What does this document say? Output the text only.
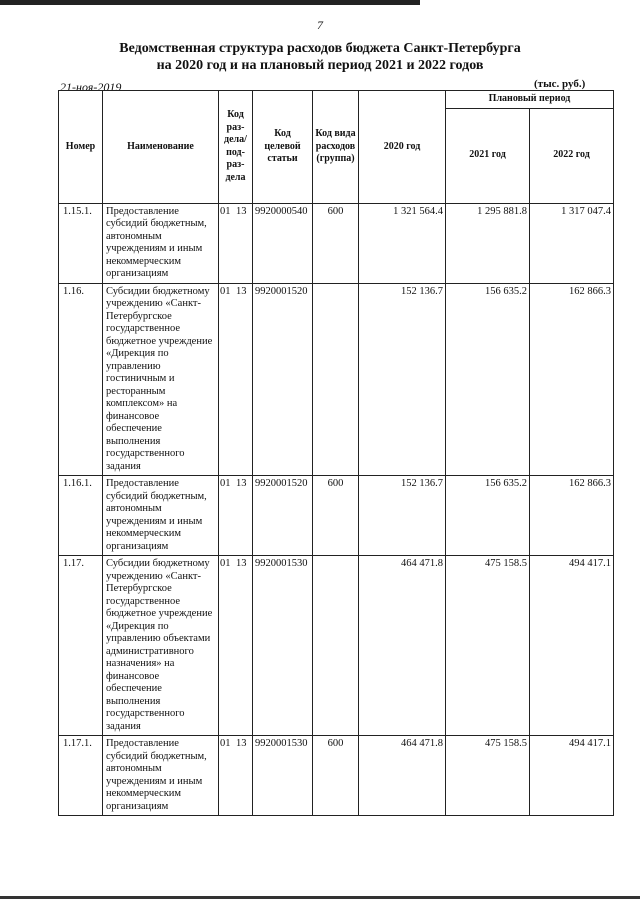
7
Ведомственная структура расходов бюджета Санкт-Петербурга
на 2020 год и на плановый период 2021 и 2022 годов
21-ноя-2019	(тыс. руб.)
Номер	Наименование	Код раз-дела/ под-раз-дела	Код целевой статьи	Код вида расходов (группа)	2020 год	Плановый период	
						2021 год	2022 год
1.15.1.	Предоставление субсидий бюджетным, автономным учреждениям и иным некоммерческим организациям	01 13	9920000540	600	1 321 564.4	1 295 881.8	1 317 047.4
1.16.	Субсидии бюджетному учреждению «Санкт-Петербургское государственное бюджетное учреждение «Дирекция по управлению гостиничным и ресторанным комплексом» на финансовое обеспечение выполнения государственного задания	01 13	9920001520		152 136.7	156 635.2	162 866.3
1.16.1.	Предоставление субсидий бюджетным, автономным учреждениям и иным некоммерческим организациям	01 13	9920001520	600	152 136.7	156 635.2	162 866.3
1.17.	Субсидии бюджетному учреждению «Санкт-Петербургское государственное бюджетное учреждение «Дирекция по управлению объектами административного назначения» на финансовое обеспечение выполнения государственного задания	01 13	9920001530		464 471.8	475 158.5	494 417.1
1.17.1.	Предоставление субсидий бюджетным, автономным учреждениям и иным некоммерческим организациям	01 13	9920001530	600	464 471.8	475 158.5	494 417.1
